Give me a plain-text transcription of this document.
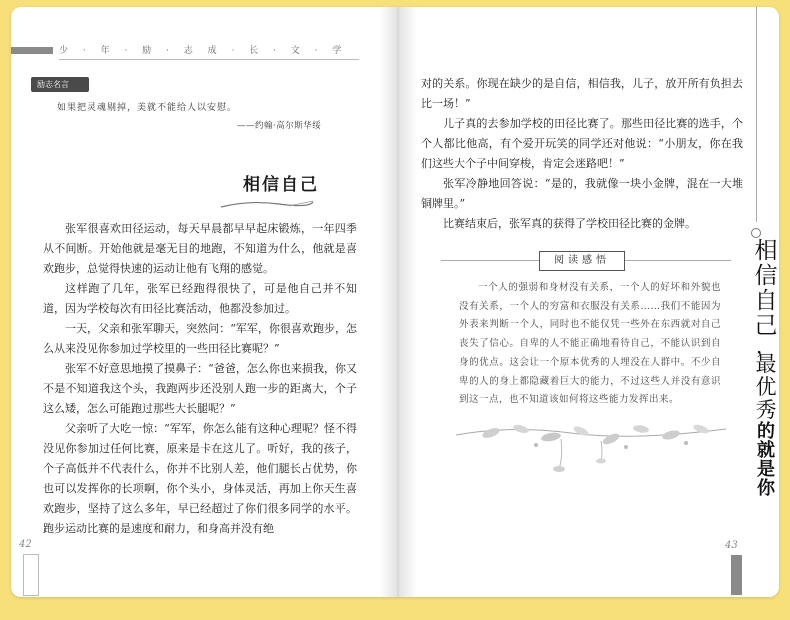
少 · 年 · 励 · 志 成 · 长 · 文 · 学
励志名言
如果把灵魂剔掉，美就不能给人以安慰。
——约翰·高尔斯华绥
相信自己

张军很喜欢田径运动，每天早晨都早早起床锻炼，一年四季从不间断。开始他就是毫无目的地跑，不知道为什么，他就是喜欢跑步，总觉得快速的运动让他有飞翔的感觉。

这样跑了几年，张军已经跑得很快了，可是他自己并不知道，因为学校每次有田径比赛活动，他都没参加过。

一天，父亲和张军聊天，突然问：“军军，你很喜欢跑步，怎么从来没见你参加过学校里的一些田径比赛呢？”

张军不好意思地摸了摸鼻子：“爸爸，怎么你也来损我，你又不是不知道我这个头，我跑两步还没别人跑一步的距离大，个子这么矮，怎么可能跑过那些大长腿呢？”

父亲听了大吃一惊：“军军，你怎么能有这种心理呢？怪不得没见你参加过任何比赛，原来是卡在这儿了。听好，我的孩子，个子高低并不代表什么，你并不比别人差，他们腿长占优势，你也可以发挥你的长项啊，你个头小，身体灵活，再加上你天生喜欢跑步，坚持了这么多年，早已经超过了你们很多同学的水平。跑步运动比赛的是速度和耐力，和身高并没有绝

42

对的关系。你现在缺少的是自信，相信我，儿子，放开所有负担去比一场！”

儿子真的去参加学校的田径比赛了。那些田径比赛的选手，个个人都比他高，有个爱开玩笑的同学还对他说：“小朋友，你在我们这些大个子中间穿梭，肯定会迷路吧！”

张军冷静地回答说：“是的，我就像一块小金牌，混在一大堆铜牌里。”

比赛结束后，张军真的获得了学校田径比赛的金牌。

阅读感悟

一个人的强弱和身材没有关系，一个人的好坏和外貌也没有关系，一个人的穷富和衣服没有关系……我们不能因为外表来判断一个人，同时也不能仅凭一些外在东西就对自己丧失了信心。自卑的人不能正确地看待自己，不能认识到自身的优点。这会让一个原本优秀的人埋没在人群中。不少自卑的人的身上都隐藏着巨大的能力，不过这些人并没有意识到这一点，也不知道该如何将这些能力发挥出来。

43
相
信
自
己
，
最
优
秀
的
就
是
你
